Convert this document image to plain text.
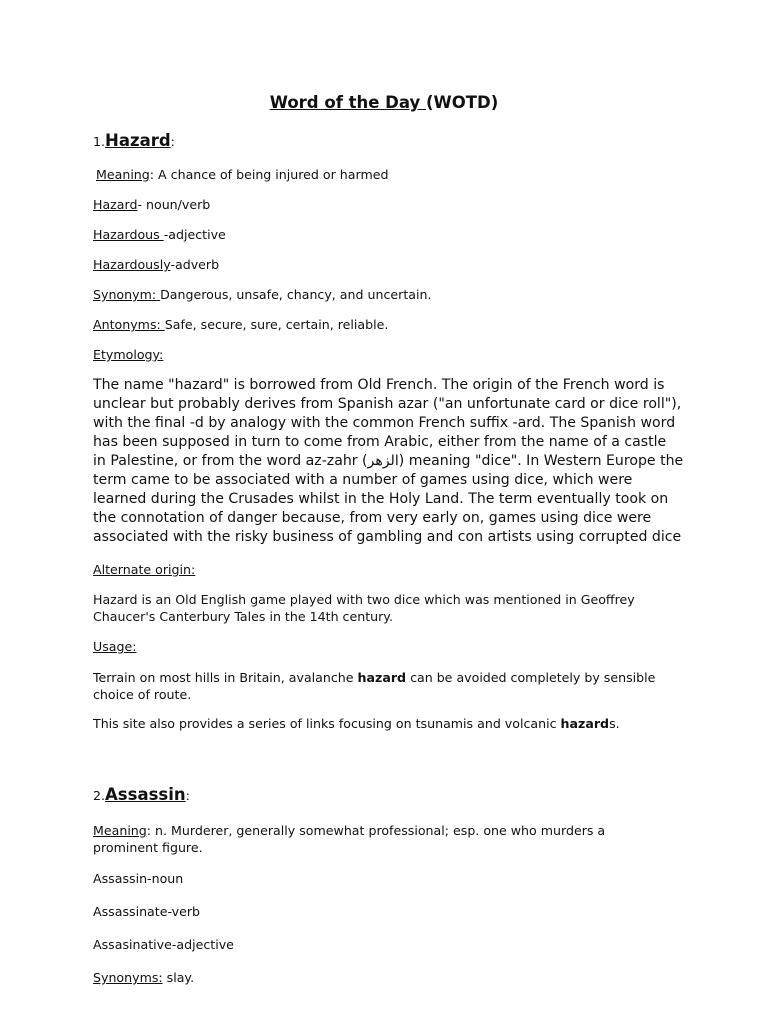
Word of the Day (WOTD)
1.Hazard:
Meaning: A chance of being injured or harmed
Hazard- noun/verb
Hazardous -adjective
Hazardously-adverb
Synonym: Dangerous, unsafe, chancy, and uncertain.
Antonyms: Safe, secure, sure, certain, reliable.
Etymology:
The name "hazard" is borrowed from Old French. The origin of the French word is
unclear but probably derives from Spanish azar ("an unfortunate card or dice roll"),
with the final -d by analogy with the common French suffix -ard. The Spanish word
has been supposed in turn to come from Arabic, either from the name of a castle
in Palestine, or from the word az-zahr (الزهر) meaning "dice". In Western Europe the
term came to be associated with a number of games using dice, which were
learned during the Crusades whilst in the Holy Land. The term eventually took on
the connotation of danger because, from very early on, games using dice were
associated with the risky business of gambling and con artists using corrupted dice
Alternate origin:
Hazard is an Old English game played with two dice which was mentioned in Geoffrey
Chaucer's Canterbury Tales in the 14th century.
Usage:
Terrain on most hills in Britain, avalanche hazard can be avoided completely by sensible
choice of route.
This site also provides a series of links focusing on tsunamis and volcanic hazards.
2.Assassin:
Meaning: n. Murderer, generally somewhat professional; esp. one who murders a
prominent figure.
Assassin-noun
Assassinate-verb
Assasinative-adjective
Synonyms: slay.
